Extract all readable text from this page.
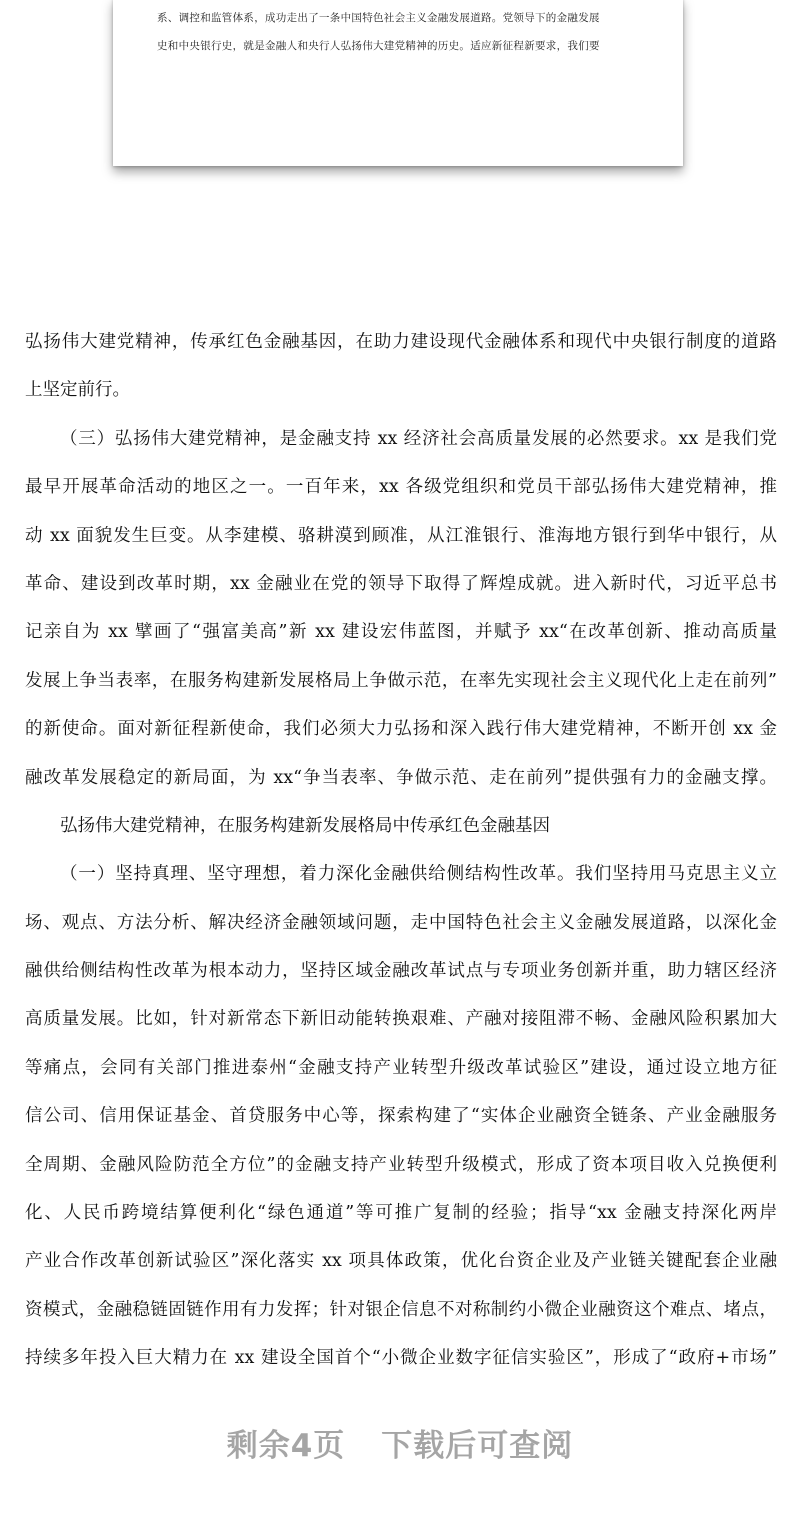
系、调控和监管体系，成功走出了一条中国特色社会主义金融发展道路。党领导下的金融发展
史和中央银行史，就是金融人和央行人弘扬伟大建党精神的历史。适应新征程新要求，我们要
弘扬伟大建党精神，传承红色金融基因，在助力建设现代金融体系和现代中央银行制度的道路
上坚定前行。
（三）弘扬伟大建党精神，是金融支持 xx 经济社会高质量发展的必然要求。xx 是我们党
最早开展革命活动的地区之一。一百年来，xx 各级党组织和党员干部弘扬伟大建党精神，推
动 xx 面貌发生巨变。从李建模、骆耕漠到顾准，从江淮银行、淮海地方银行到华中银行，从
革命、建设到改革时期，xx 金融业在党的领导下取得了辉煌成就。进入新时代，习近平总书
记亲自为 xx 擘画了“强富美高”新 xx 建设宏伟蓝图，并赋予 xx“在改革创新、推动高质量
发展上争当表率，在服务构建新发展格局上争做示范，在率先实现社会主义现代化上走在前列”
的新使命。面对新征程新使命，我们必须大力弘扬和深入践行伟大建党精神，不断开创 xx 金
融改革发展稳定的新局面，为 xx“争当表率、争做示范、走在前列”提供强有力的金融支撑。
弘扬伟大建党精神，在服务构建新发展格局中传承红色金融基因
（一）坚持真理、坚守理想，着力深化金融供给侧结构性改革。我们坚持用马克思主义立
场、观点、方法分析、解决经济金融领域问题，走中国特色社会主义金融发展道路，以深化金
融供给侧结构性改革为根本动力，坚持区域金融改革试点与专项业务创新并重，助力辖区经济
高质量发展。比如，针对新常态下新旧动能转换艰难、产融对接阻滞不畅、金融风险积累加大
等痛点，会同有关部门推进泰州“金融支持产业转型升级改革试验区”建设，通过设立地方征
信公司、信用保证基金、首贷服务中心等，探索构建了“实体企业融资全链条、产业金融服务
全周期、金融风险防范全方位”的金融支持产业转型升级模式，形成了资本项目收入兑换便利
化、人民币跨境结算便利化“绿色通道”等可推广复制的经验；指导“xx 金融支持深化两岸
产业合作改革创新试验区”深化落实 xx 项具体政策，优化台资企业及产业链关键配套企业融
资模式，金融稳链固链作用有力发挥；针对银企信息不对称制约小微企业融资这个难点、堵点，
持续多年投入巨大精力在 xx 建设全国首个“小微企业数字征信实验区”，形成了“政府+市场”
剩余4页 下载后可查阅
